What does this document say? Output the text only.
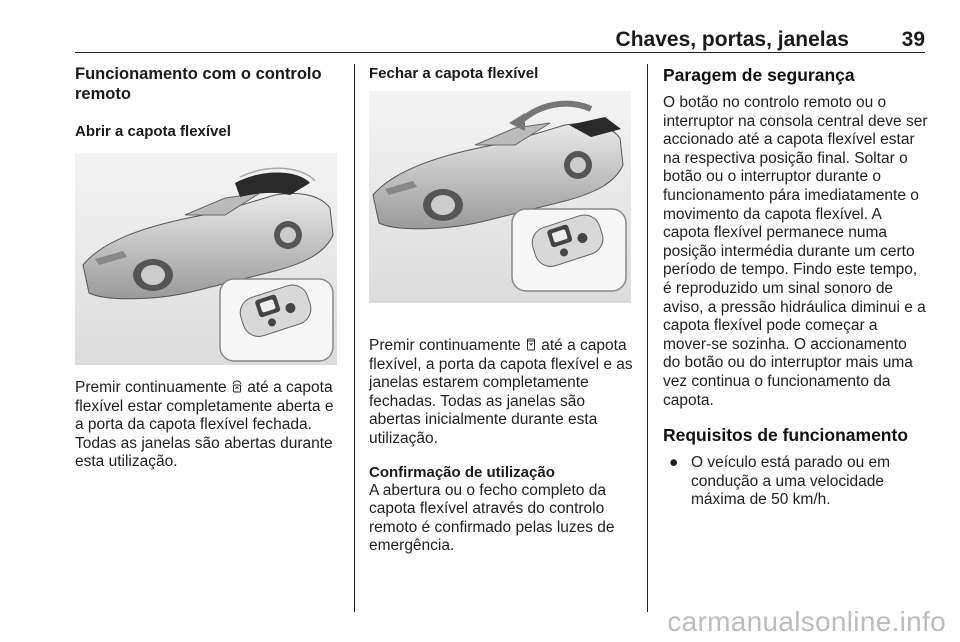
Chaves, portas, janelas	39
Funcionamento com o controlo remoto
Abrir a capota flexível

Premir continuamente até a capota flexível estar completamente aberta e a porta da capota flexível fechada. Todas as janelas são abertas durante esta utilização.

Fechar a capota flexível

Premir continuamente até a capota flexível, a porta da capota flexível e as janelas estarem completamente fechadas. Todas as janelas são abertas inicialmente durante esta utilização.

Confirmação de utilização

A abertura ou o fecho completo da capota flexível através do controlo remoto é confirmado pelas luzes de emergência.

Paragem de segurança

O botão no controlo remoto ou o interruptor na consola central deve ser accionado até a capota flexível estar na respectiva posição final. Soltar o botão ou o interruptor durante o funcionamento pára imediatamente o movimento da capota flexível. A capota flexível permanece numa posição intermédia durante um certo período de tempo. Findo este tempo, é reproduzido um sinal sonoro de aviso, a pressão hidráulica diminui e a capota flexível pode começar a mover-se sozinha. O accionamento do botão ou do interruptor mais uma vez continua o funcionamento da capota.

Requisitos de funcionamento
● O veículo está parado ou em condução a uma velocidade máxima de 50 km/h.
carmanualsonline.info
